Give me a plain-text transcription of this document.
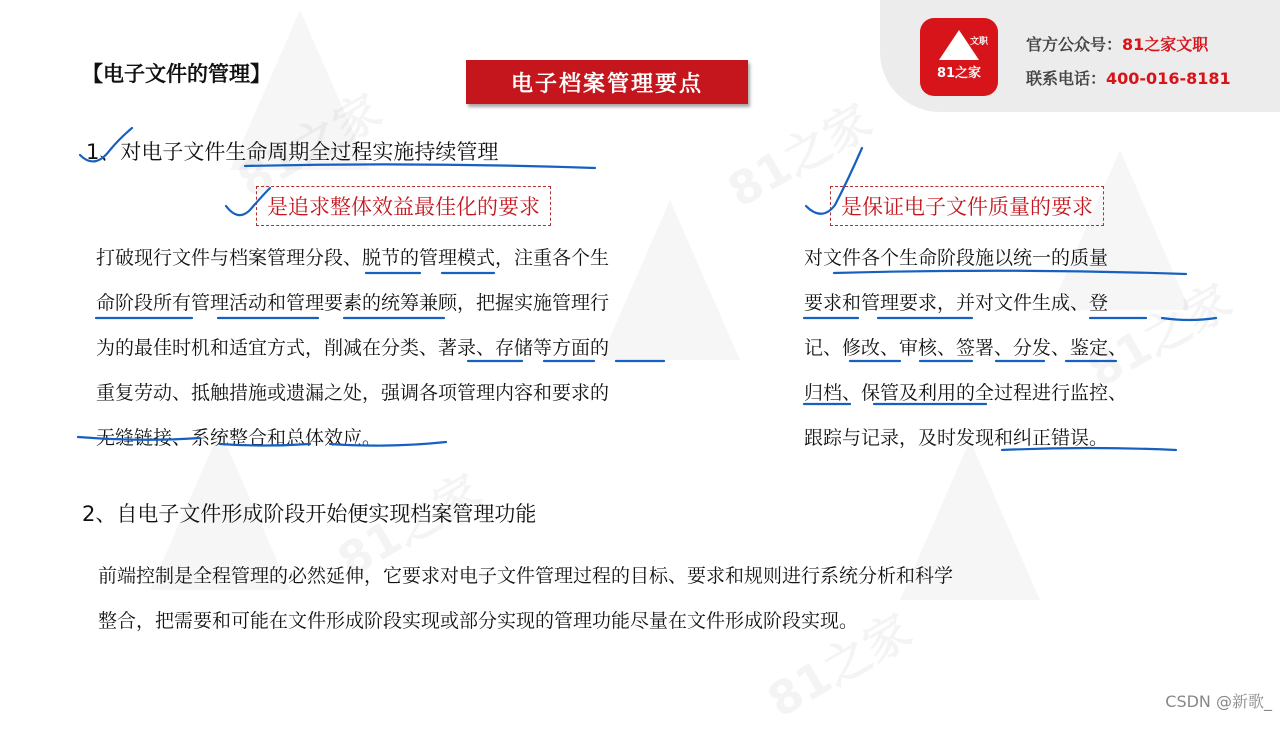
文职
81之家
官方公众号：81之家文职
联系电话：400-016-8181
【电子文件的管理】	电子档案管理要点
1、对电子文件生命周期全过程实施持续管理
是追求整体效益最佳化的要求	是保证电子文件质量的要求
打破现行文件与档案管理分段、脱节的管理模式，注重各个生
命阶段所有管理活动和管理要素的统筹兼顾，把握实施管理行
为的最佳时机和适宜方式，削减在分类、著录、存储等方面的
重复劳动、抵触措施或遗漏之处，强调各项管理内容和要求的
无缝链接、系统整合和总体效应。
对文件各个生命阶段施以统一的质量
要求和管理要求，并对文件生成、登
记、修改、审核、签署、分发、鉴定、
归档、保管及利用的全过程进行监控、
跟踪与记录，及时发现和纠正错误。
2、自电子文件形成阶段开始便实现档案管理功能
前端控制是全程管理的必然延伸，它要求对电子文件管理过程的目标、要求和规则进行系统分析和科学
整合，把需要和可能在文件形成阶段实现或部分实现的管理功能尽量在文件形成阶段实现。
CSDN @新歌_
